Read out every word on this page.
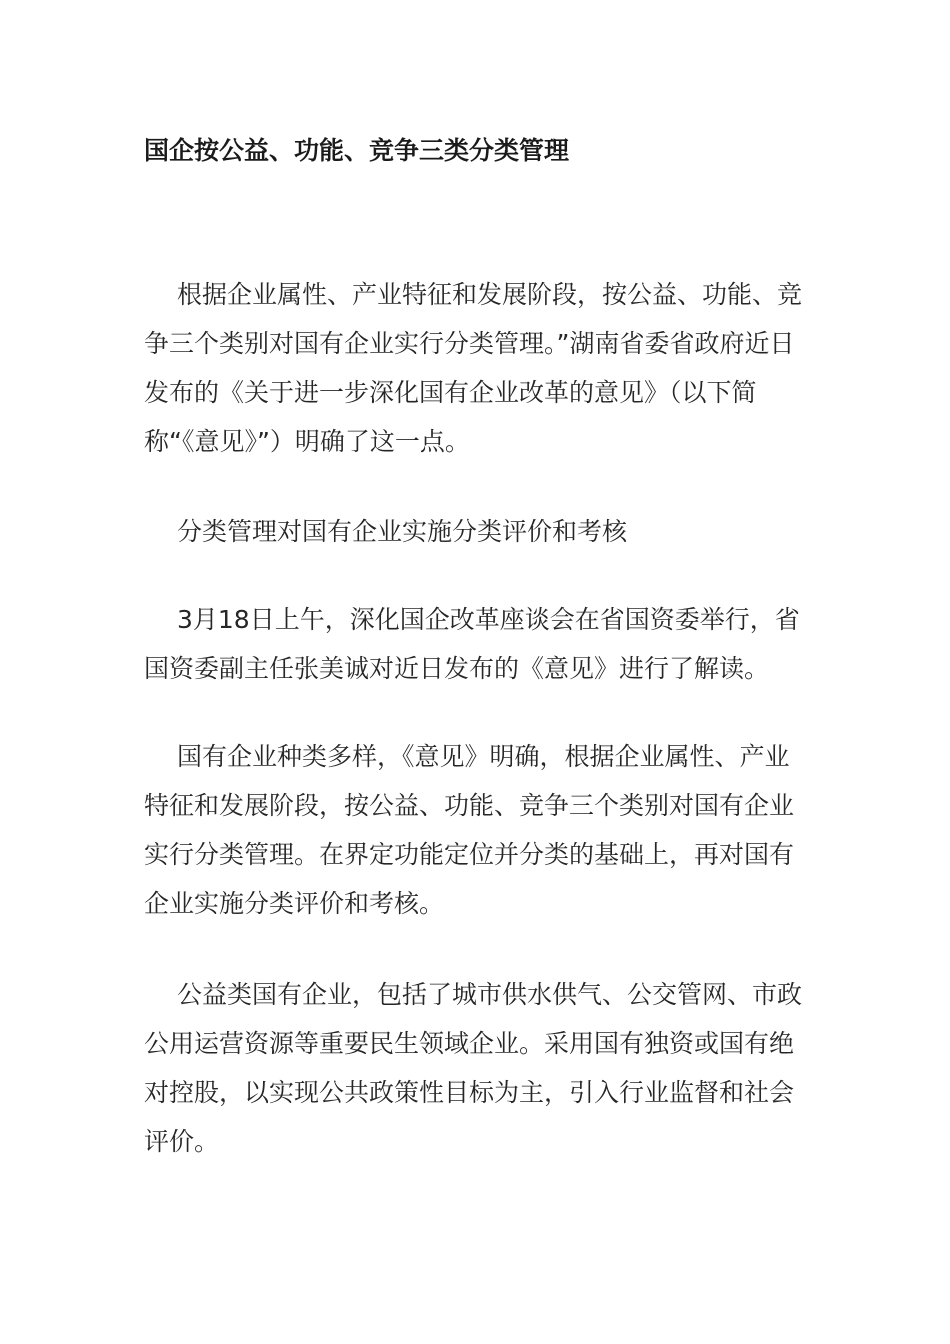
国企按公益、功能、竞争三类分类管理

根据企业属性、产业特征和发展阶段，按公益、功能、竞争三个类别对国有企业实行分类管理。”湖南省委省政府近日发布的《关于进一步深化国有企业改革的意见》（以下简称“《意见》”）明确了这一点。

分类管理对国有企业实施分类评价和考核

3月18日上午，深化国企改革座谈会在省国资委举行，省国资委副主任张美诚对近日发布的《意见》进行了解读。

国有企业种类多样，《意见》明确，根据企业属性、产业特征和发展阶段，按公益、功能、竞争三个类别对国有企业实行分类管理。在界定功能定位并分类的基础上，再对国有企业实施分类评价和考核。

公益类国有企业，包括了城市供水供气、公交管网、市政公用运营资源等重要民生领域企业。采用国有独资或国有绝对控股，以实现公共政策性目标为主，引入行业监督和社会评价。
